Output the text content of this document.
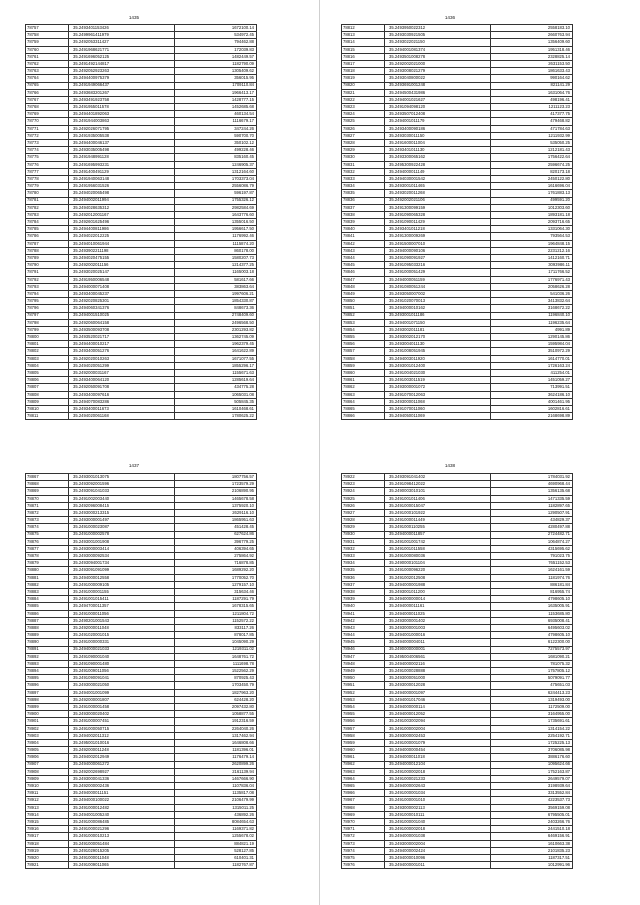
1435
78757	35.2493401153426	1672100.14
78758	35.2499961411979	534972.45
78759	35.2492053311427	794462.88
78760	35.2491968621771	172039.83
78761	35.2491696052125	1482449.57
78762	35.2491492144817	1182790.09
78763	35.2492052923263	1305409.62
78764	35.2494400975379	356015.95
78765	35.2491949066437	1709110.84
78766	35.2493683201267	1966413.17
78767	35.2493491923758	1428777.15
78768	35.2491955011578	1452685.68
78769	35.2494401892063	460134.54
78770	35.2491944003863	1116679.17
78771	35.2492026071795	347244.26
78772	35.2491935005538	590700.70
78773	35.2494400046137	350102.12
78774	35.2493035005498	499228.46
78775	35.2491948991128	835160.45
78776	35.2491695993231	1246905.37
78777	35.2491400491129	1312164.60
78778	35.2491940063148	1703373.04
78779	35.2491956031526	2556086.79
78780	35.2494020065498	596197.87
78781	35.2494002011994	1755326.12
78782	35.2494028635312	2982584.69
78783	35.2492012001167	1643776.60
78784	35.2492601625496	1355016.50
78785	35.2494400811986	1956617.50
78786	35.2494022012225	1176992.46
78787	35.2494010061944	1115874.20
78788	35.2493902211198	860178.00
78789	35.2494020475155	1580207.73
78790	35.2492002011156	1214377.25
78791	35.2493020025147	1165003.18
78792	35.2491950006548	581617.66
78793	35.2494000071408	383863.64
78794	35.2493400045237	1997606.21
78795	35.2492020825301	1854330.87
78796	35.2494060341376	848673.36
78797	35.2494001510025	2748409.60
78798	35.2492060064158	2496568.50
78799	35.2493500093708	2301293.82
78800	35.2493520021717	1362745.09
78801	35.2494400010217	1962379.45
78802	35.2493400051276	1641622.89
78803	35.2492020010263	1671077.55
78804	35.2494020051299	1855296.17
78805	35.2492000031167	1155671.63
78806	35.2493400064120	1285619.64
78807	35.2492050091708	434775.28
78808	35.2493400097616	1065031.08
78809	35.2494070083286	505845.35
78810	35.2493400011673	1610468.61
78811	35.2494020061168	1780625.22
1436
78812	35.2493950022312	2558183.10
78813	35.2493030921505	2660763.94
78814	35.2493022021150	1356409.60
78815	35.2494001081374	1951318.46
78816	35.2493501008278	2328825.14
78817	35.2492002021000	2631153.50
78818	35.2493008021279	1861633.43
78819	35.2493040800022	990164.62
78820	35.2493691001248	821141.29
78821	35.2494500431986	1631064.76
78822	35.2494001021627	498196.41
78823	35.2491094098120	1211123.23
78824	35.2493507012408	417377.75
78825	35.2494001011179	479468.82
78826	35.2493400090186	471784.63
78827	35.2493030011150	1211932.99
78828	35.2491600011004	535050.25
78829	35.2493401011130	1212181.43
78830	35.2493300065162	1756422.64
78831	35.2495300922428	2596674.25
78832	35.2494000011149	820173.18
78833	35.2494030001542	2450122.80
78834	35.2493001011465	1616696.04
78835	35.2493020011268	1761883.13
78836	35.2492002021106	499591.20
78837	35.2491300099159	1012303.60
78838	35.2491090065328	1893181.18
78839	35.2491090011429	2093716.65
78840	35.2493401011218	1331064.30
78841	35.2491300009269	793564.53
78842	35.2491500007010	1964848.15
78843	35.2494000090106	2231212.16
78844	35.2491090091927	1412160.71
78845	35.2491095033216	3093986.11
78846	35.2491000051429	1711766.52
78847	35.2494000051159	1776971.43
78848	35.2491080051244	2058626.28
78849	35.2493050007002	541036.26
78850	35.2491020070013	3413832.64
78851	35.2494000010162	3168672.22
78852	35.2493001011186	1196840.10
78853	35.2494001071150	1196235.64
78854	35.2493002011181	4991.89
78855	35.2493002012170	1290145.86
78856	35.2493004011130	1595984.04
78857	35.2491008051945	3510972.29
78858	35.2494003011920	1614770.01
78859	35.2493001012400	1726163.24
78860	35.2491004021030	411254.01
78861	35.2491003011519	1451059.27
78862	35.2493000001072	713991.51
78863	35.2491070012063	3624186.10
78864	35.2493000011068	4001461.95
78865	35.2491070011060	1602816.61
78866	35.2494050011069	2168698.89
1437
78867	35.2493001013075	1807756.57
78868	35.2493092001596	1723579.29
78869	35.2493091041033	2106890.95
78870	35.2491002003440	1465678.58
78871	35.2492096008415	1375920.10
78872	35.2493000213315	2629116.10
78873	35.2493000001497	1865951.63
78874	35.2491000023087	451428.45
78875	35.2491000002578	627624.86
78876	35.2493001001908	396779.25
78877	35.2493000003414	406394.65
78878	35.2493000092534	275864.92
78879	35.2493094001734	716878.85
78880	35.2493091091099	1689292.20
78881	35.2494000012558	1770052.70
78882	35.2491000009105	1279157.10
78883	35.2491000001155	315634.46
78884	35.2491001015411	1187291.79
78885	35.2494700011357	1678315.65
78886	35.2491000011056	1211804.72
78887	35.2490201001543	1152572.22
78888	35.2492000011048	833117.26
78889	35.2491020001015	878017.85
78890	35.2491000000331	1045090.29
78891	35.2494000021033	1219311.02
78892	35.2491090001040	1648761.72
78893	35.2491090001480	1111698.78
78894	35.2491009011056	1522562.29
78895	35.2491090091041	870925.43
78896	35.2493000021050	1703450.79
78897	35.2494001001099	1827963.20
78898	35.2492000001807	624428.20
78899	35.2491000001458	2097432.80
78900	35.2493000020402	1058877.55
78901	35.2491000007451	1912316.59
78902	35.2491000050715	2264040.26
78903	35.2494002011312	1317462.94
78904	35.2495001010016	1646808.66
78905	35.2492000011248	1181396.01
78906	35.2494002012949	1176479.14
78907	35.2494000061272	2620899.26
78908	35.2492002698927	2161139.94
78909	35.2493000041336	1467666.90
78910	35.2492000002436	1107836.04
78911	35.2494000011151	1135817.08
78912	35.2494000100022	2106479.99
78913	35.2491000012482	1315011.25
78914	35.2494001005240	436892.26
78915	35.2491000086485	8084654.63
78916	35.2491000021296	1169371.82
78917	35.2491000010213	1255678.02
78918	35.2491000051484	884821.19
78919	35.2491029015205	528127.85
78920	35.2491000011048	610401.31
78921	35.2491009011065	1182767.87
1438
78922	35.2493091041402	1784031.92
78923	35.2491098412022	4690968.44
78924	35.2490003010101	1356135.68
78925	35.2491001011406	1471335.59
78926	35.2491000015047	1182897.65
78927	35.2491000101922	1290507.91
78928	35.2491000011449	434829.37
78929	35.2491000110255	4280497.88
78930	35.2494000011857	2724482.71
78931	35.2491001001742	1064874.27
78932	35.2491001011558	4315695.62
78933	35.2491000080036	791023.75
78934	35.2490000101104	7651152.53
78935	35.2491000096220	1624161.59
78936	35.2491002012508	1181974.76
78937	35.2494000001988	886181.84
78938	35.2493001011200	816955.74
78939	35.2494000000014	4798605.10
78940	35.2494000011161	1635005.91
78941	35.2494000011025	1153685.80
78942	35.2493000001402	6935008.41
78943	35.2493000001003	6495603.02
78944	35.2494001000016	4798605.10
78945	35.2494000004011	6122300.00
78946	35.2490000000001	7275573.97
78947	35.2495004006561	1681090.21
78948	35.2494000002116	781075.32
78949	35.2491000028888	1757805.12
78950	35.2493000051000	5079091.77
78951	35.2493000012028	475651.03
78952	35.2494000001097	6244413.23
78953	35.2494001017046	1319493.00
78954	35.2494000000114	1172509.00
78955	35.2494000012052	3164955.00
78956	35.2491003002094	1735691.61
78957	35.2491000002004	1314154.22
78958	35.2493000002453	2254192.71
78959	35.2491000001079	1725225.13
78960	35.2494000000454	3706085.98
78961	35.2494000011018	3886176.60
78962	35.2494000012104	1095624.66
78963	35.2491000002018	1752163.87
78964	35.2491000021233	2649579.07
78965	35.2494000002643	3198939.64
78966	35.2491000001034	3313552.84
78967	35.2491000001010	4223537.73
78968	35.2493000002113	3569159.08
78969	35.2491000010111	6795505.01
78970	35.2491000001040	2403266.76
78971	35.2491000002018	2441510.18
78972	35.2494000001038	6469156.91
78973	35.2493000002004	1610663.38
78974	35.2494000002424	2101835.23
78975	35.2494000010096	1187317.51
78976	35.2494000001011	1012991.96
